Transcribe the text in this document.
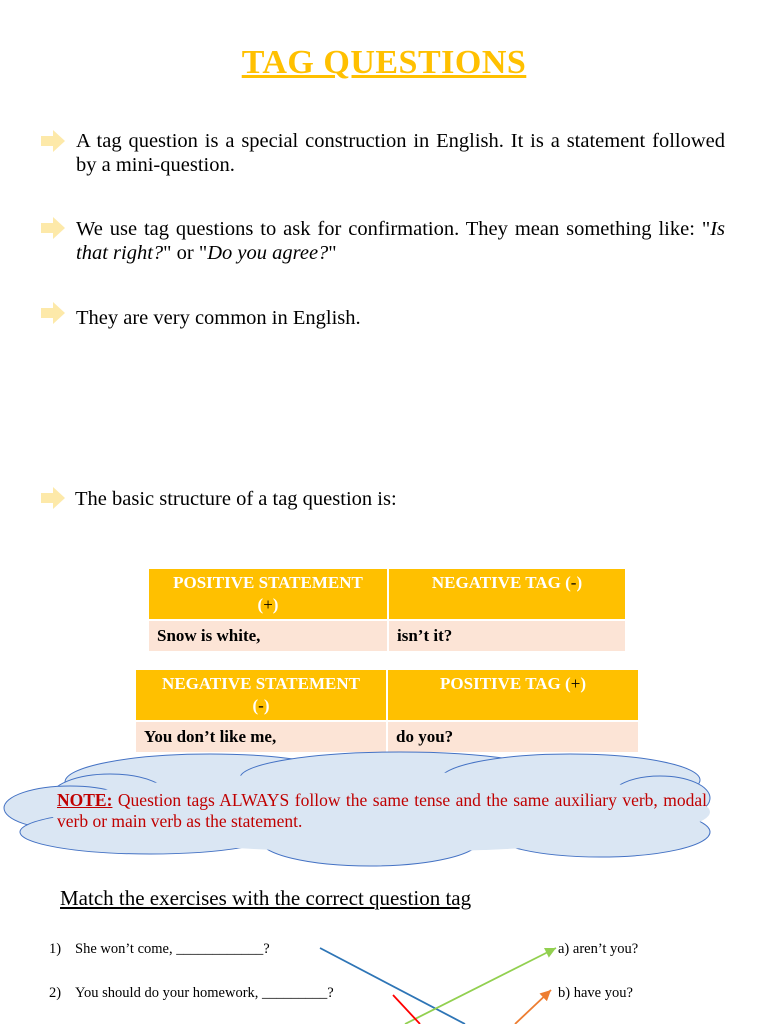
TAG QUESTIONS
A tag question is a special construction in English. It is a statement followed by a mini-question.
We use tag questions to ask for confirmation. They mean something like: "Is that right?" or "Do you agree?"
They are very common in English.
The basic structure of a tag question is:
POSITIVE STATEMENT
(+)	NEGATIVE TAG (-)
Snow is white,	isn’t it?
NEGATIVE STATEMENT
(-)	POSITIVE TAG (+)
You don’t like me,	do you?
NOTE: Question tags ALWAYS follow the same tense and the same auxiliary verb, modal verb or main verb as the statement.
Match the exercises with the correct question tag
1) She won’t come, ____________?
2) You should do your homework, _________?
a) aren’t you?
b) have you?
